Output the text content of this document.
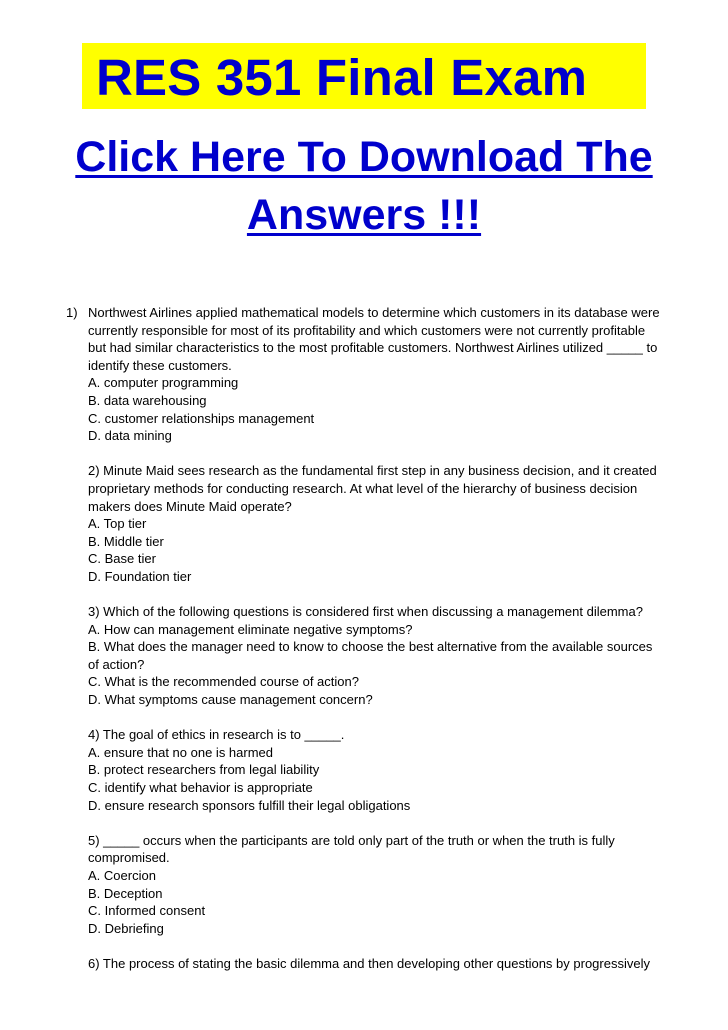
RES 351 Final Exam
Click Here To Download The
Answers !!!
1) Northwest Airlines applied mathematical models to determine which customers in its database were
currently responsible for most of its profitability and which customers were not currently profitable
but had similar characteristics to the most profitable customers. Northwest Airlines utilized _____ to
identify these customers.
A. computer programming
B. data warehousing
C. customer relationships management
D. data mining
2) Minute Maid sees research as the fundamental first step in any business decision, and it created
proprietary methods for conducting research. At what level of the hierarchy of business decision
makers does Minute Maid operate?
A. Top tier
B. Middle tier
C. Base tier
D. Foundation tier
3) Which of the following questions is considered first when discussing a management dilemma?
A. How can management eliminate negative symptoms?
B. What does the manager need to know to choose the best alternative from the available sources
of action?
C. What is the recommended course of action?
D. What symptoms cause management concern?
4) The goal of ethics in research is to _____.
A. ensure that no one is harmed
B. protect researchers from legal liability
C. identify what behavior is appropriate
D. ensure research sponsors fulfill their legal obligations
5) _____ occurs when the participants are told only part of the truth or when the truth is fully
compromised.
A. Coercion
B. Deception
C. Informed consent
D. Debriefing
6) The process of stating the basic dilemma and then developing other questions by progressively
